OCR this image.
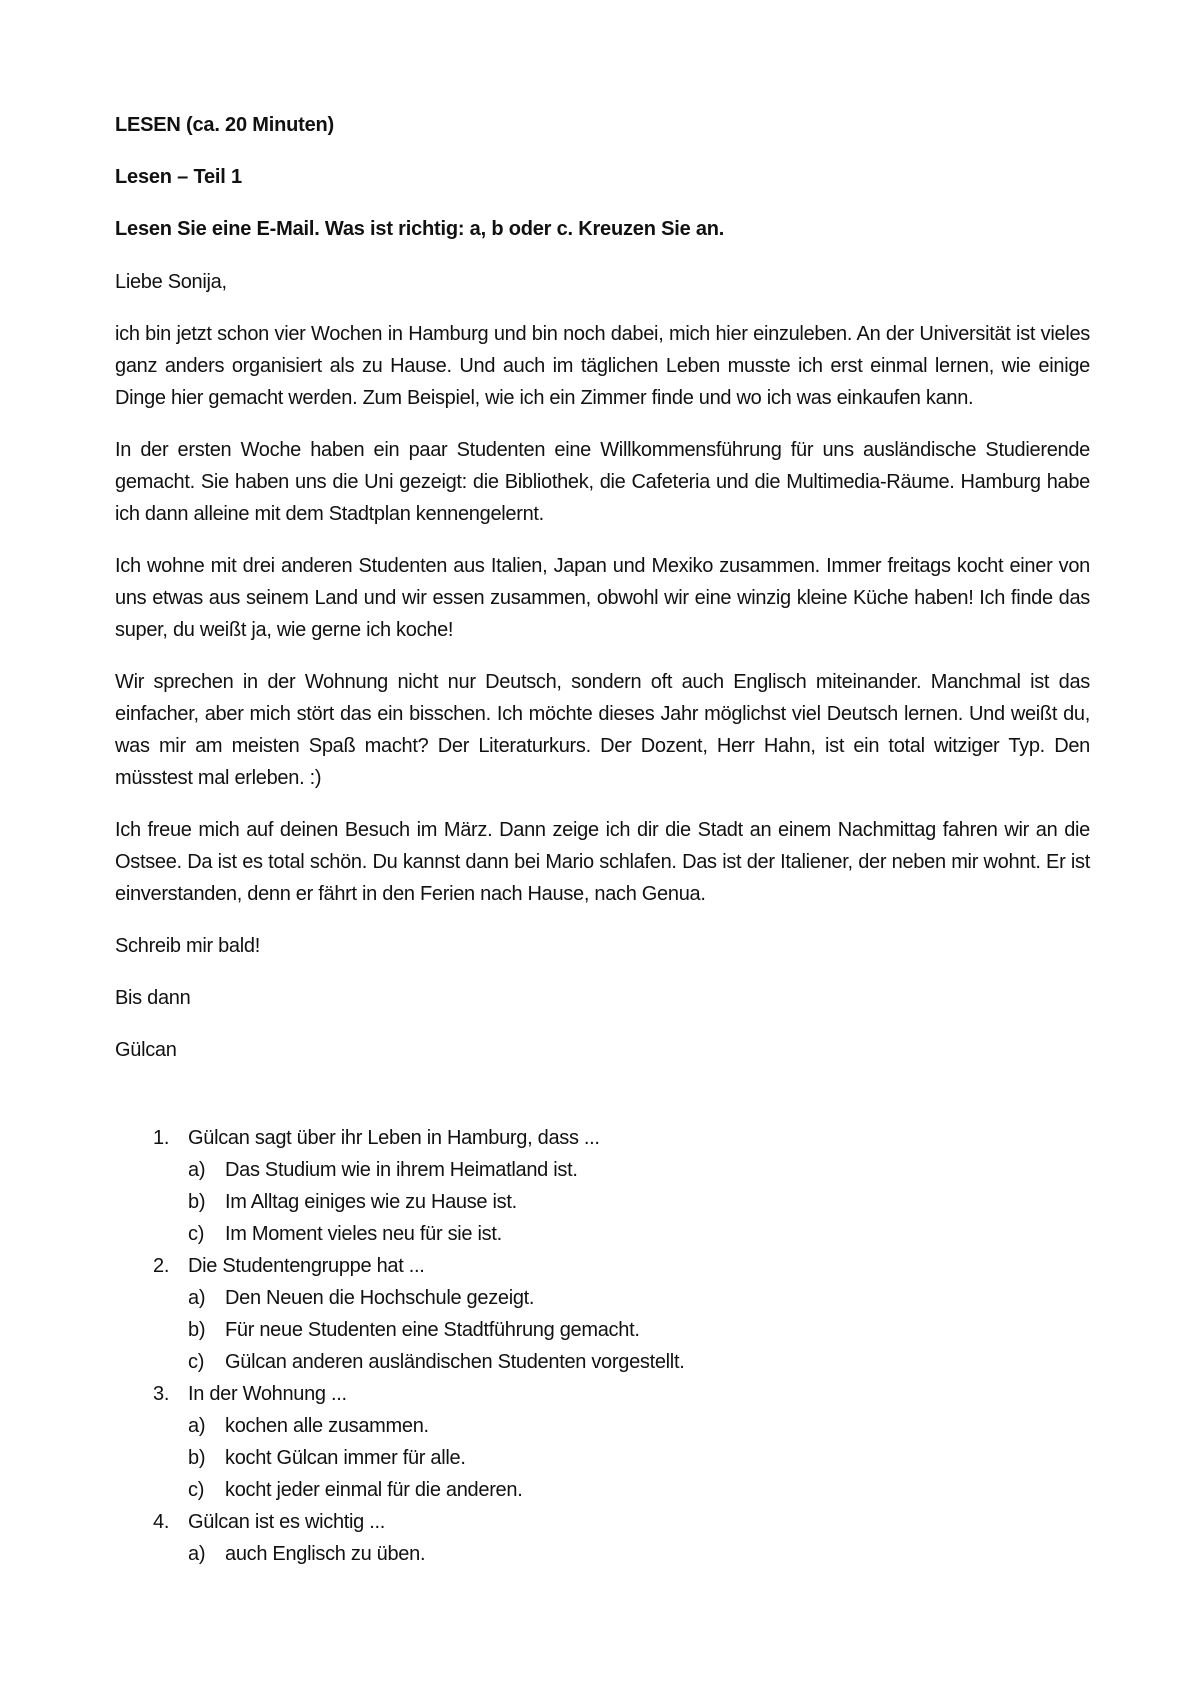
LESEN (ca. 20 Minuten)
Lesen – Teil 1
Lesen Sie eine E-Mail. Was ist richtig: a, b oder c. Kreuzen Sie an.
Liebe Sonija,
ich bin jetzt schon vier Wochen in Hamburg und bin noch dabei, mich hier einzuleben. An der Universität ist vieles ganz anders organisiert als zu Hause. Und auch im täglichen Leben musste ich erst einmal lernen, wie einige Dinge hier gemacht werden. Zum Beispiel, wie ich ein Zimmer finde und wo ich was einkaufen kann.
In der ersten Woche haben ein paar Studenten eine Willkommensführung für uns ausländische Studierende gemacht. Sie haben uns die Uni gezeigt: die Bibliothek, die Cafeteria und die Multimedia-Räume. Hamburg habe ich dann alleine mit dem Stadtplan kennengelernt.
Ich wohne mit drei anderen Studenten aus Italien, Japan und Mexiko zusammen. Immer freitags kocht einer von uns etwas aus seinem Land und wir essen zusammen, obwohl wir eine winzig kleine Küche haben! Ich finde das super, du weißt ja, wie gerne ich koche!
Wir sprechen in der Wohnung nicht nur Deutsch, sondern oft auch Englisch miteinander. Manchmal ist das einfacher, aber mich stört das ein bisschen. Ich möchte dieses Jahr möglichst viel Deutsch lernen. Und weißt du, was mir am meisten Spaß macht? Der Literaturkurs. Der Dozent, Herr Hahn, ist ein total witziger Typ. Den müsstest mal erleben. :)
Ich freue mich auf deinen Besuch im März. Dann zeige ich dir die Stadt an einem Nachmittag fahren wir an die Ostsee. Da ist es total schön. Du kannst dann bei Mario schlafen. Das ist der Italiener, der neben mir wohnt. Er ist einverstanden, denn er fährt in den Ferien nach Hause, nach Genua.
Schreib mir bald!
Bis dann
Gülcan
1. Gülcan sagt über ihr Leben in Hamburg, dass ...
a) Das Studium wie in ihrem Heimatland ist.
b) Im Alltag einiges wie zu Hause ist.
c)	Im Moment vieles neu für sie ist.
2. Die Studentengruppe hat ...
a) Den Neuen die Hochschule gezeigt.
b) Für neue Studenten eine Stadtführung gemacht.
c)	Gülcan anderen ausländischen Studenten vorgestellt.
3. In der Wohnung ...
a) kochen alle zusammen.
b) kocht Gülcan immer für alle.
c)	kocht jeder einmal für die anderen.
4. Gülcan ist es wichtig ...
a) auch Englisch zu üben.
